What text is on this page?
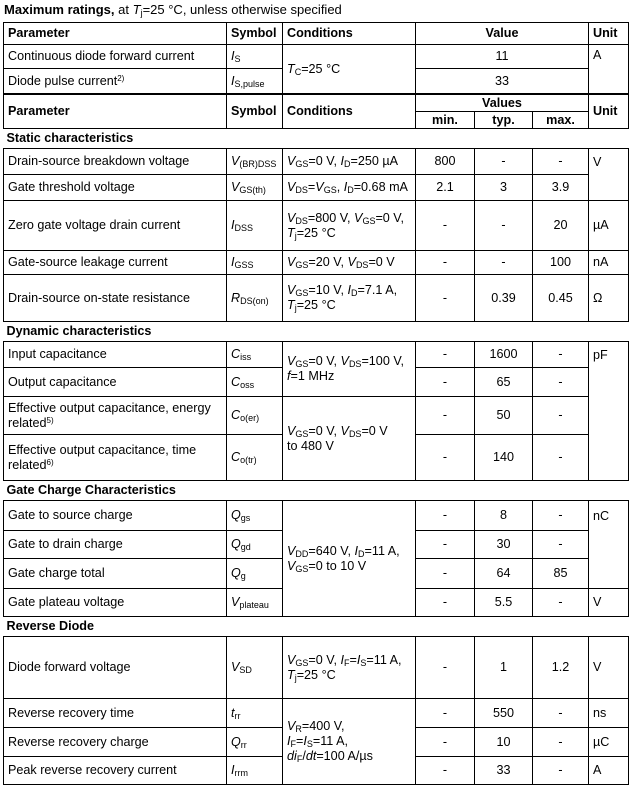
Maximum ratings, at $T_j=25$ °C, unless otherwise specified
Parameter	Symbol	Conditions	Value	Unit
Continuous diode forward current	$I_S$	$T_C=25$ °C	11	A
Diode pulse current$^{2)}$	$I_{S,pulse}$		33	
Parameter	Symbol	Conditions	Values			Unit
			min.	typ.	max.	
Static characteristics						
Drain-source breakdown voltage	$V_{(BR)DSS}$	$V_{GS}=0$ V, $I_D=250$ µA	800	-	-	V
Gate threshold voltage	$V_{GS(th)}$	$V_{DS}=V_{GS}$, $I_D=0.68$ mA	2.1	3	3.9	
Zero gate voltage drain current	$I_{DSS}$	$V_{DS}=800$ V, $V_{GS}=0$ V,
$T_j=25$ °C	-	-	20	µA
Gate-source leakage current	$I_{GSS}$	$V_{GS}=20$ V, $V_{DS}=0$ V	-	-	100	nA
Drain-source on-state resistance	$R_{DS(on)}$	$V_{GS}=10$ V, $I_D=7.1$ A,
$T_j=25$ °C	-	0.39	0.45	Ω
Dynamic characteristics						
Input capacitance	$C_{iss}$	$V_{GS}=0$ V, $V_{DS}=100$ V,
f=1 MHz	-	1600	-	pF
Output capacitance	$C_{oss}$		-	65	-	
Effective output capacitance, energy
related$^{5)}$	$C_{o(er)}$	$V_{GS}=0$ V, $V_{DS}=0$ V
to 480 V	-	50	-	
Effective output capacitance, time
related$^{6)}$	$C_{o(tr)}$		-	140	-	
Gate Charge Characteristics						
Gate to source charge	$Q_{gs}$	$V_{DD}=640$ V, $I_D=11$ A,
$V_{GS}=0$ to 10 V	-	8	-	nC
Gate to drain charge	$Q_{gd}$		-	30	-	
Gate charge total	$Q_g$		-	64	85	
Gate plateau voltage	$V_{plateau}$		-	5.5	-	V
Reverse Diode						
Diode forward voltage	$V_{SD}$	$V_{GS}=0$ V, $I_F=I_S=11$ A,
$T_j=25$ °C	-	1	1.2	V
Reverse recovery time	$t_{rr}$	$V_R=400$ V,
$I_F=I_S=11$ A,
$di_F/dt=100$ A/µs	-	550	-	ns
Reverse recovery charge	$Q_{rr}$		-	10	-	µC
Peak reverse recovery current	$I_{rrm}$		-	33	-	A
